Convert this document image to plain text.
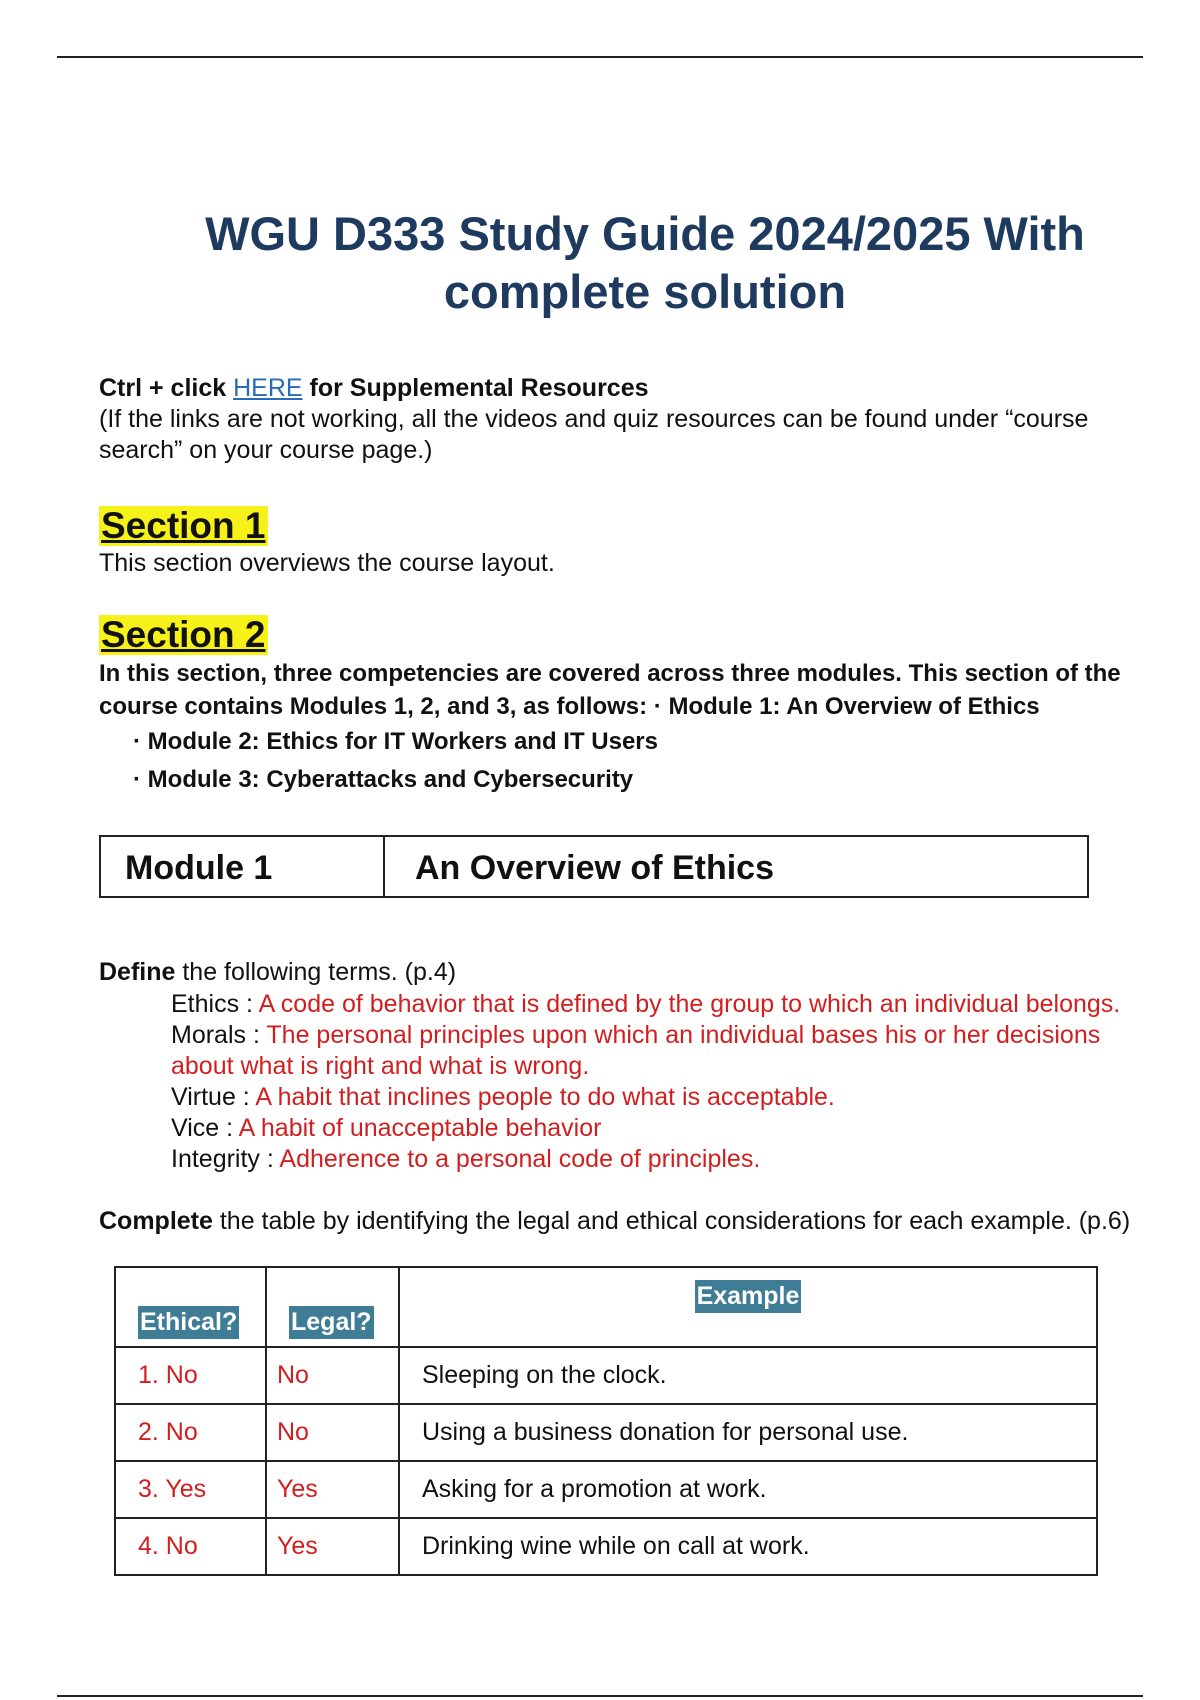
WGU D333 Study Guide 2024/2025 With complete solution
Ctrl + click HERE for Supplemental Resources
(If the links are not working, all the videos and quiz resources can be found under “course search” on your course page.)
Section 1
This section overviews the course layout.
Section 2
In this section, three competencies are covered across three modules. This section of the course contains Modules 1, 2, and 3, as follows: · Module 1: An Overview of Ethics
· Module 2: Ethics for IT Workers and IT Users
· Module 3: Cyberattacks and Cybersecurity
Module 1	An Overview of Ethics
Define the following terms. (p.4)
Ethics : A code of behavior that is defined by the group to which an individual belongs.
Morals : The personal principles upon which an individual bases his or her decisions
about what is right and what is wrong.
Virtue : A habit that inclines people to do what is acceptable.
Vice : A habit of unacceptable behavior
Integrity : Adherence to a personal code of principles.
Complete the table by identifying the legal and ethical considerations for each example. (p.6)
Ethical?	Legal?	Example
1. No	No	Sleeping on the clock.
2. No	No	Using a business donation for personal use.
3. Yes	Yes	Asking for a promotion at work.
4. No	Yes	Drinking wine while on call at work.
